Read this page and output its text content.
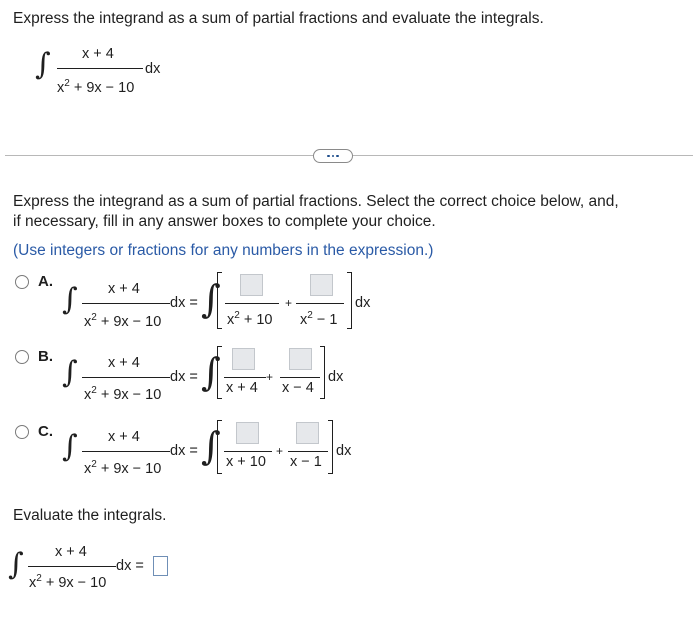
Express the integrand as a sum of partial fractions and evaluate the integrals.
∫ x + 4
$x^2 + 9x - 10$
dx
Express the integrand as a sum of partial fractions. Select the correct choice below, and,
if necessary, fill in any answer boxes to complete your choice.
(Use integers or fractions for any numbers in the expression.)
A.
∫ x + 4
$x^2 + 9x - 10$
dx = ∫ $x^2 + 10$
+
$x^2 - 1$
dx
B. ∫ x + 4
$x^2 + 9x - 10$
dx = ∫ x + 4
+
x − 4
dx
C. ∫ x + 4
$x^2 + 9x - 10$
dx = ∫ x + 10
+
x − 1
dx
Evaluate the integrals.
∫ x + 4
$x^2 + 9x - 10$
dx =
